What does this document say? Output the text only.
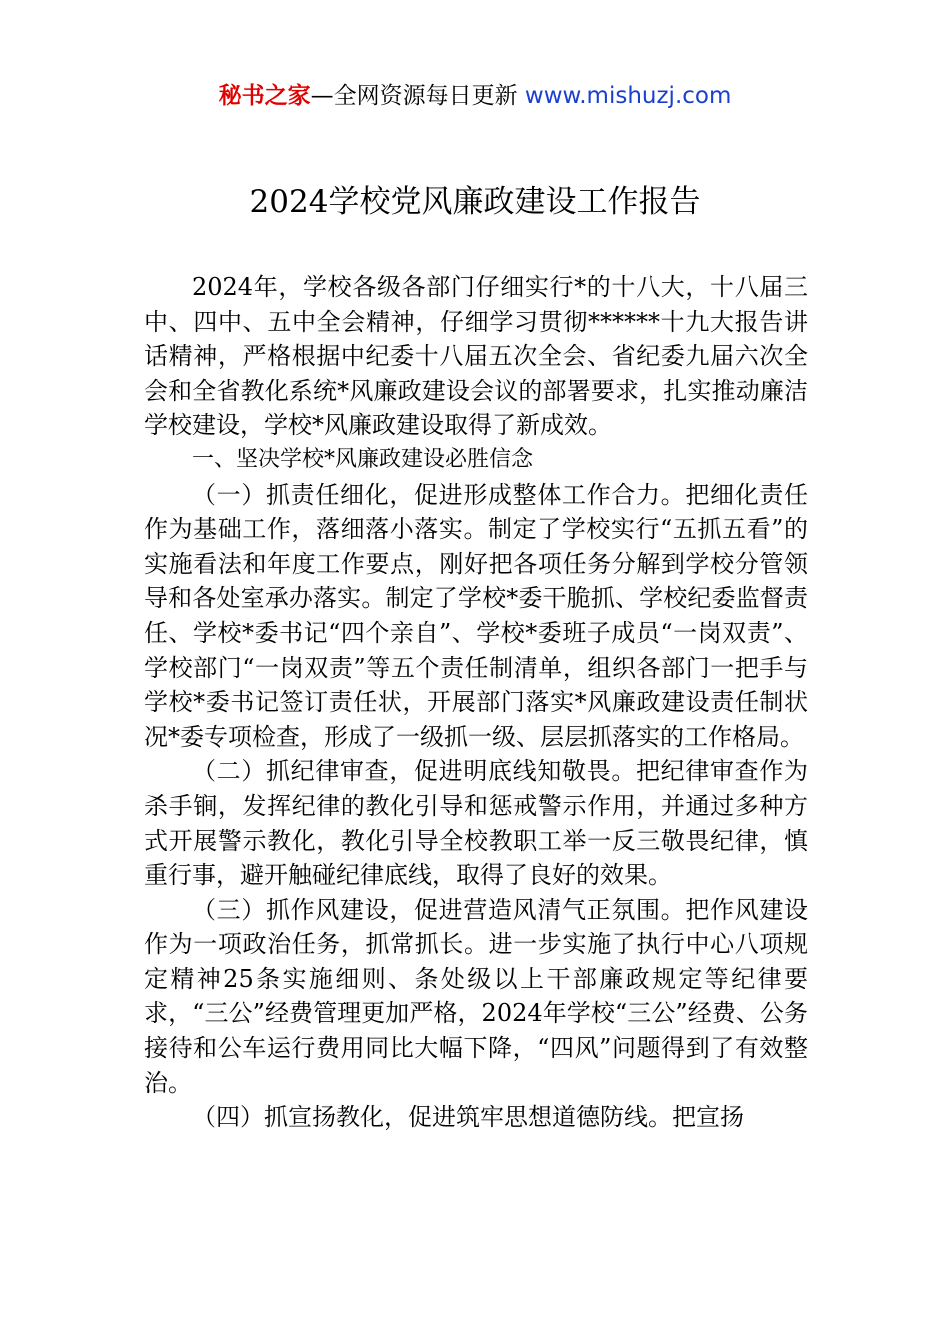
秘书之家—全网资源每日更新 www.mishuzj.com
2024学校党风廉政建设工作报告

2024年，学校各级各部门仔细实行*的十八大，十八届三中、四中、五中全会精神，仔细学习贯彻******十九大报告讲话精神，严格根据中纪委十八届五次全会、省纪委九届六次全会和全省教化系统*风廉政建设会议的部署要求，扎实推动廉洁学校建设，学校*风廉政建设取得了新成效。

一、坚决学校*风廉政建设必胜信念

（一）抓责任细化，促进形成整体工作合力。把细化责任作为基础工作，落细落小落实。制定了学校实行“五抓五看”的实施看法和年度工作要点，刚好把各项任务分解到学校分管领导和各处室承办落实。制定了学校*委干脆抓、学校纪委监督责任、学校*委书记“四个亲自”、学校*委班子成员“一岗双责”、学校部门“一岗双责”等五个责任制清单，组织各部门一把手与学校*委书记签订责任状，开展部门落实*风廉政建设责任制状况*委专项检查，形成了一级抓一级、层层抓落实的工作格局。

（二）抓纪律审查，促进明底线知敬畏。把纪律审查作为杀手锏，发挥纪律的教化引导和惩戒警示作用，并通过多种方式开展警示教化，教化引导全校教职工举一反三敬畏纪律，慎重行事，避开触碰纪律底线，取得了良好的效果。

（三）抓作风建设，促进营造风清气正氛围。把作风建设作为一项政治任务，抓常抓长。进一步实施了执行中心八项规定精神25条实施细则、条处级以上干部廉政规定等纪律要求，“三公”经费管理更加严格，2024年学校“三公”经费、公务接待和公车运行费用同比大幅下降，“四风”问题得到了有效整治。

（四）抓宣扬教化，促进筑牢思想道德防线。把宣扬
